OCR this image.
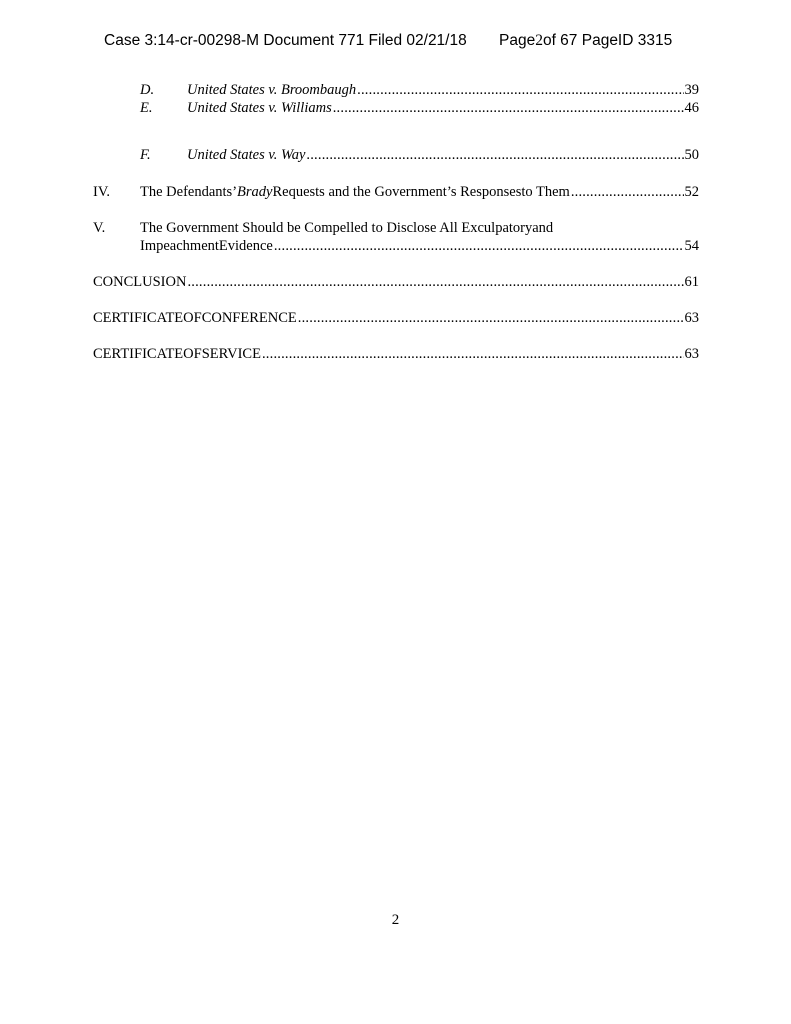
Case 3:14-cr-00298-M Document 771 Filed 02/21/18 Page2of 67 PageID 3315
D.	United States v. Broombaugh .....	39
E.	United States v. Williams .....	46
F.	United States v. Way .....	50
IV.	The Defendants’BradyRequests and the Government’s Responsesto Them .....	52
V.	The Government Should be Compelled to Disclose All Exculpatoryand
ImpeachmentEvidence .....	54
CONCLUSION .....	61
CERTIFICATEOFCONFERENCE .....	63
CERTIFICATEOFSERVICE .....	63
2
